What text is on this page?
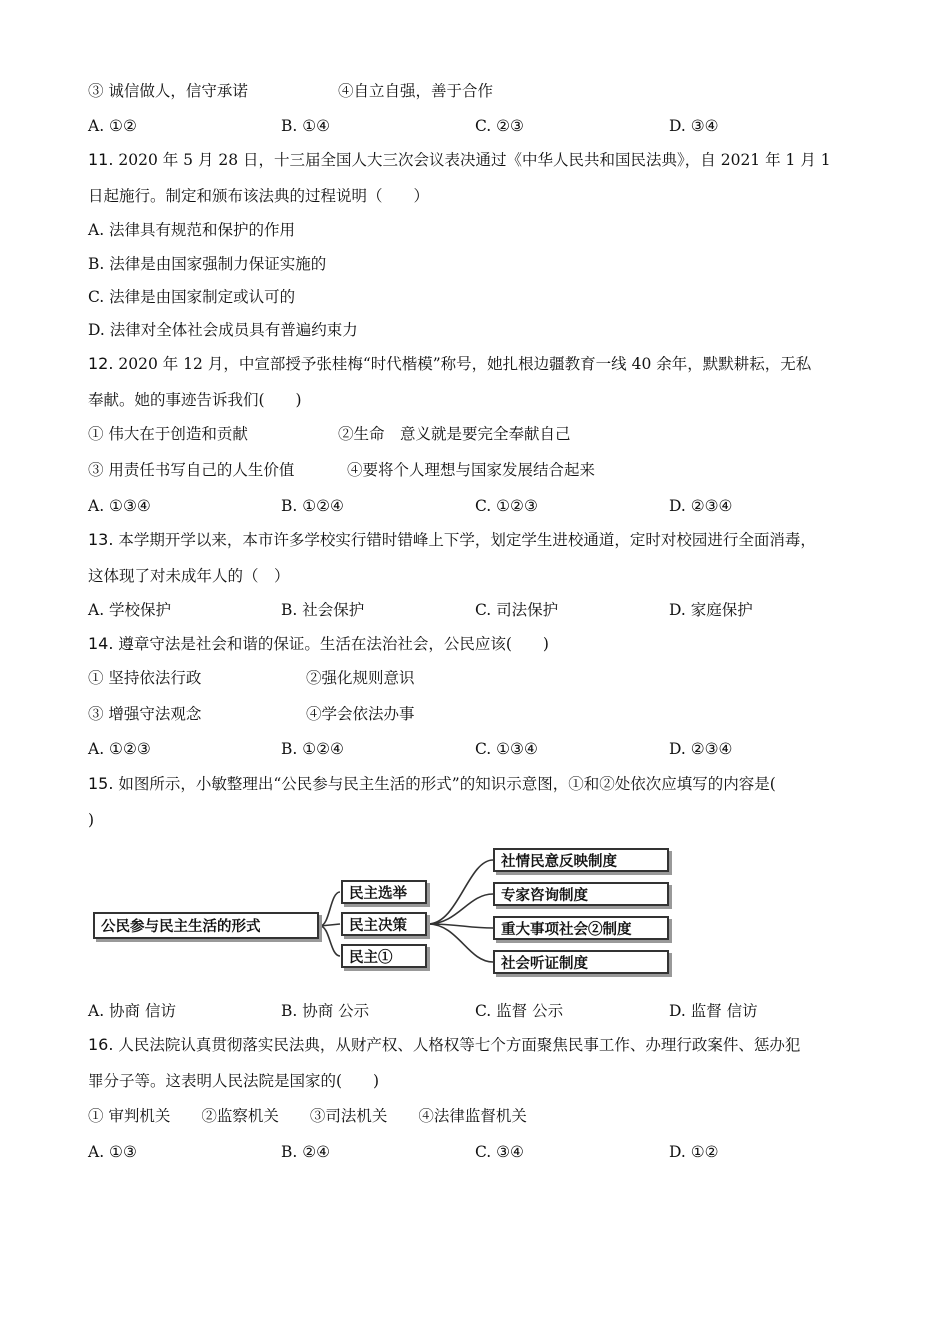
③ 诚信做人，信守承诺	④自立自强，善于合作
A. ①②	B. ①④	C. ②③	D. ③④
11. 2020 年 5 月 28 日，十三届全国人大三次会议表决通过《中华人民共和国民法典》，自 2021 年 1 月 1
日起施行。制定和颁布该法典的过程说明（　　）
A. 法律具有规范和保护的作用
B. 法律是由国家强制力保证实施的
C. 法律是由国家制定或认可的
D. 法律对全体社会成员具有普遍约束力
12. 2020 年 12 月，中宣部授予张桂梅“时代楷模”称号，她扎根边疆教育一线 40 余年，默默耕耘，无私
奉献。她的事迹告诉我们(　　)
① 伟大在于创造和贡献	②生命　意义就是要完全奉献自己
③ 用责任书写自己的人生价值	④要将个人理想与国家发展结合起来
A. ①③④	B. ①②④	C. ①②③	D. ②③④
13. 本学期开学以来，本市许多学校实行错时错峰上下学，划定学生进校通道，定时对校园进行全面消毒，
这体现了对未成年人的（　）
A. 学校保护	B. 社会保护	C. 司法保护	D. 家庭保护
14. 遵章守法是社会和谐的保证。生活在法治社会，公民应该(　　)
① 坚持依法行政	②强化规则意识
③ 增强守法观念	④学会依法办事
A. ①②③	B. ①②④	C. ①③④	D. ②③④
15. 如图所示，小敏整理出“公民参与民主生活的形式”的知识示意图，①和②处依次应填写的内容是(
)
公民参与民主生活的形式
民主选举
民主决策
民主①
社情民意反映制度
专家咨询制度
重大事项社会②制度
社会听证制度
A. 协商 信访	B. 协商 公示	C. 监督 公示	D. 监督 信访
16. 人民法院认真贯彻落实民法典，从财产权、人格权等七个方面聚焦民事工作、办理行政案件、惩办犯
罪分子等。这表明人民法院是国家的(　　)
① 审判机关　　②监察机关　　③司法机关　　④法律监督机关
A. ①③	B. ②④	C. ③④	D. ①②
